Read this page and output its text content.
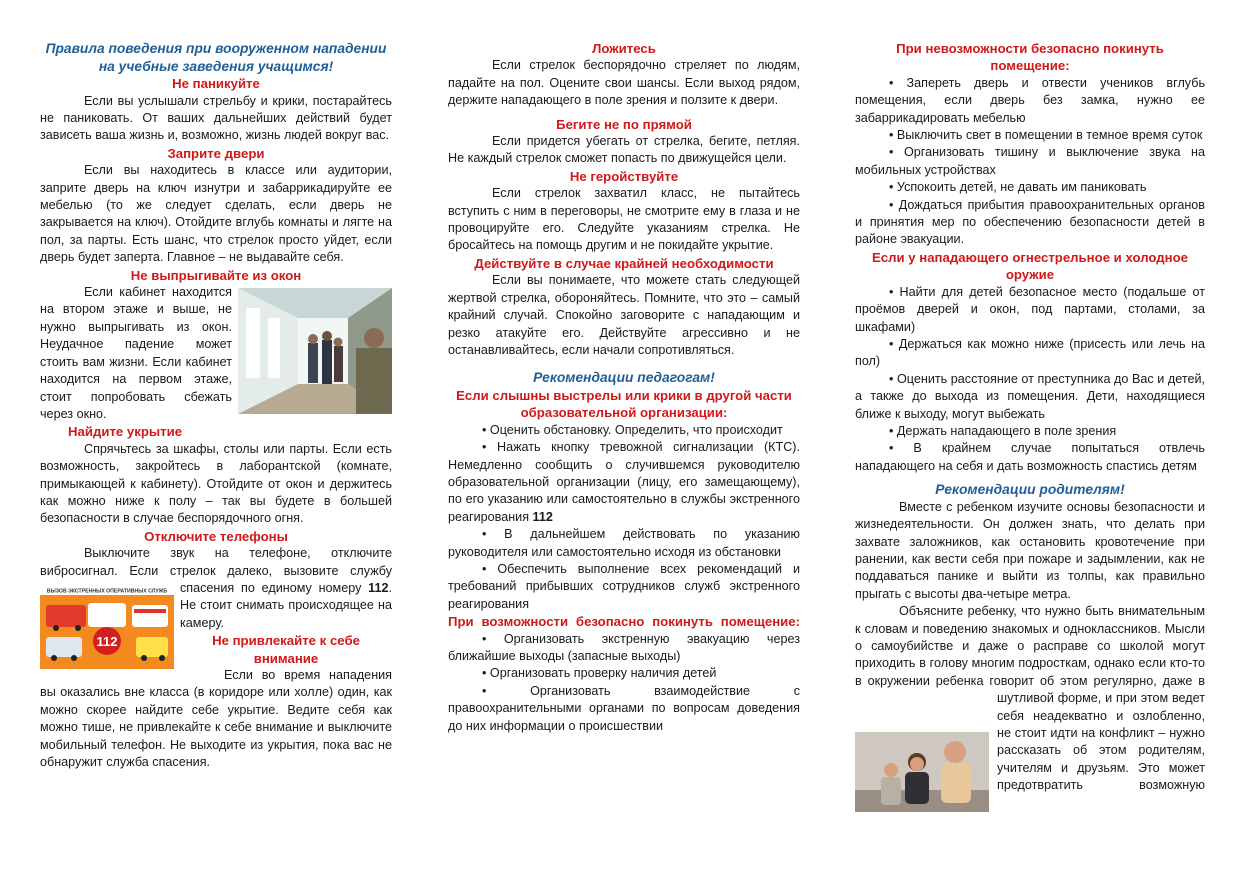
Правила поведения при вооруженном нападении на учебные заведения учащимся!
Не паникуйте

Если вы услышали стрельбу и крики, постарайтесь не паниковать. От ваших дальнейших действий будет зависеть ваша жизнь и, возможно, жизнь людей вокруг вас.

Заприте двери

Если вы находитесь в классе или аудитории, заприте дверь на ключ изнутри и забаррикадируйте ее мебелью (то же следует сделать, если дверь не закрывается на ключ). Отойдите вглубь комнаты и лягте на пол, за парты. Есть шанс, что стрелок просто уйдет, если дверь будет заперта. Главное – не выдавайте себя.

Не выпрыгивайте из окон

Если кабинет находится на втором этаже и выше, не нужно выпрыгивать из окон. Неудачное падение может стоить вам жизни. Если кабинет находится на первом этаже, стоит попробовать сбежать через окно.

Найдите укрытие

Спрячьтесь за шкафы, столы или парты. Если есть возможность, закройтесь в лаборантской (комнате, примыкающей к кабинету). Отойдите от окон и держитесь как можно ниже к полу – так вы будете в большей безопасности в случае беспорядочного огня.

Отключите телефоны

Выключите звук на телефоне, отключите вибросигнал. Если стрелок далеко, вызовите службу спасения по единому номеру
ВЫЗОВ ЭКСТРЕННЫХ ОПЕРАТИВНЫХ СЛУЖБ
112
112. Не стоит снимать происходящее на камеру.

Не привлекайте к себе внимание

Если во время нападения вы оказались вне класса (в коридоре или холле) один, как можно скорее найдите себе укрытие. Ведите себя как можно тише, не привлекайте к себе внимание и выключите мобильный телефон. Не выходите из укрытия, пока вас не обнаружит служба спасения.

Ложитесь

Если стрелок беспорядочно стреляет по людям, падайте на пол. Оцените свои шансы. Если выход рядом, держите нападающего в поле зрения и ползите к двери.

Бегите не по прямой

Если придется убегать от стрелка, бегите, петляя. Не каждый стрелок сможет попасть по движущейся цели.

Не геройствуйте

Если стрелок захватил класс, не пытайтесь вступить с ним в переговоры, не смотрите ему в глаза и не провоцируйте его. Следуйте указаниям стрелка. Не бросайтесь на помощь другим и не покидайте укрытие.

Действуйте в случае крайней необходимости

Если вы понимаете, что можете стать следующей жертвой стрелка, обороняйтесь. Помните, что это – самый крайний случай. Спокойно заговорите с нападающим и резко атакуйте его. Действуйте агрессивно и не останавливайтесь, если начали сопротивляться.

Рекомендации педагогам!
Если слышны выстрелы или крики в другой части образовательной организации:

• Оценить обстановку. Определить, что происходит

• Нажать кнопку тревожной сигнализации (КТС). Немедленно сообщить о случившемся руководителю образовательной организации (лицу, его замещающему), по его указанию или самостоятельно в службы экстренного реагирования 112

• В дальнейшем действовать по указанию руководителя или самостоятельно исходя из обстановки

• Обеспечить выполнение всех рекомендаций и требований прибывших сотрудников служб экстренного реагирования

При возможности безопасно покинуть помещение:

• Организовать экстренную эвакуацию через ближайшие выходы (запасные выходы)

• Организовать проверку наличия детей

• Организовать взаимодействие с правоохранительными органами по вопросам доведения до них информации о происшествии

При невозможности безопасно покинуть помещение:

• Запереть дверь и отвести учеников вглубь помещения, если дверь без замка, нужно ее забаррикадировать мебелью

• Выключить свет в помещении в темное время суток

• Организовать тишину и выключение звука на мобильных устройствах

• Успокоить детей, не давать им паниковать

• Дождаться прибытия правоохранительных органов и принятия мер по обеспечению безопасности детей в районе эвакуации.

Если у нападающего огнестрельное и холодное оружие

• Найти для детей безопасное место (подальше от проёмов дверей и окон, под партами, столами, за шкафами)

• Держаться как можно ниже (присесть или лечь на пол)

• Оценить расстояние от преступника до Вас и детей, а также до выхода из помещения. Дети, находящиеся ближе к выходу, могут выбежать

• Держать нападающего в поле зрения

• В крайнем случае попытаться отвлечь нападающего на себя и дать возможность спастись детям

Рекомендации родителям!

Вместе с ребенком изучите основы безопасности и жизнедеятельности. Он должен знать, что делать при захвате заложников, как остановить кровотечение при ранении, как вести себя при пожаре и задымлении, как не поддаваться панике и выйти из толпы, как правильно прыгать с высоты два-четыре метра.

Объясните ребенку, что нужно быть внимательным к словам и поведению знакомых и одноклассников. Мысли о самоубийстве и даже о расправе со школой могут приходить в голову многим подросткам, однако если кто-то в окружении ребенка говорит об этом регулярно, даже в шутливой форме, и
при этом ведет себя неадекватно и озлобленно, не стоит идти на конфликт – нужно рассказать об этом родителям, учителям и друзьям. Это может предотвратить возможную
